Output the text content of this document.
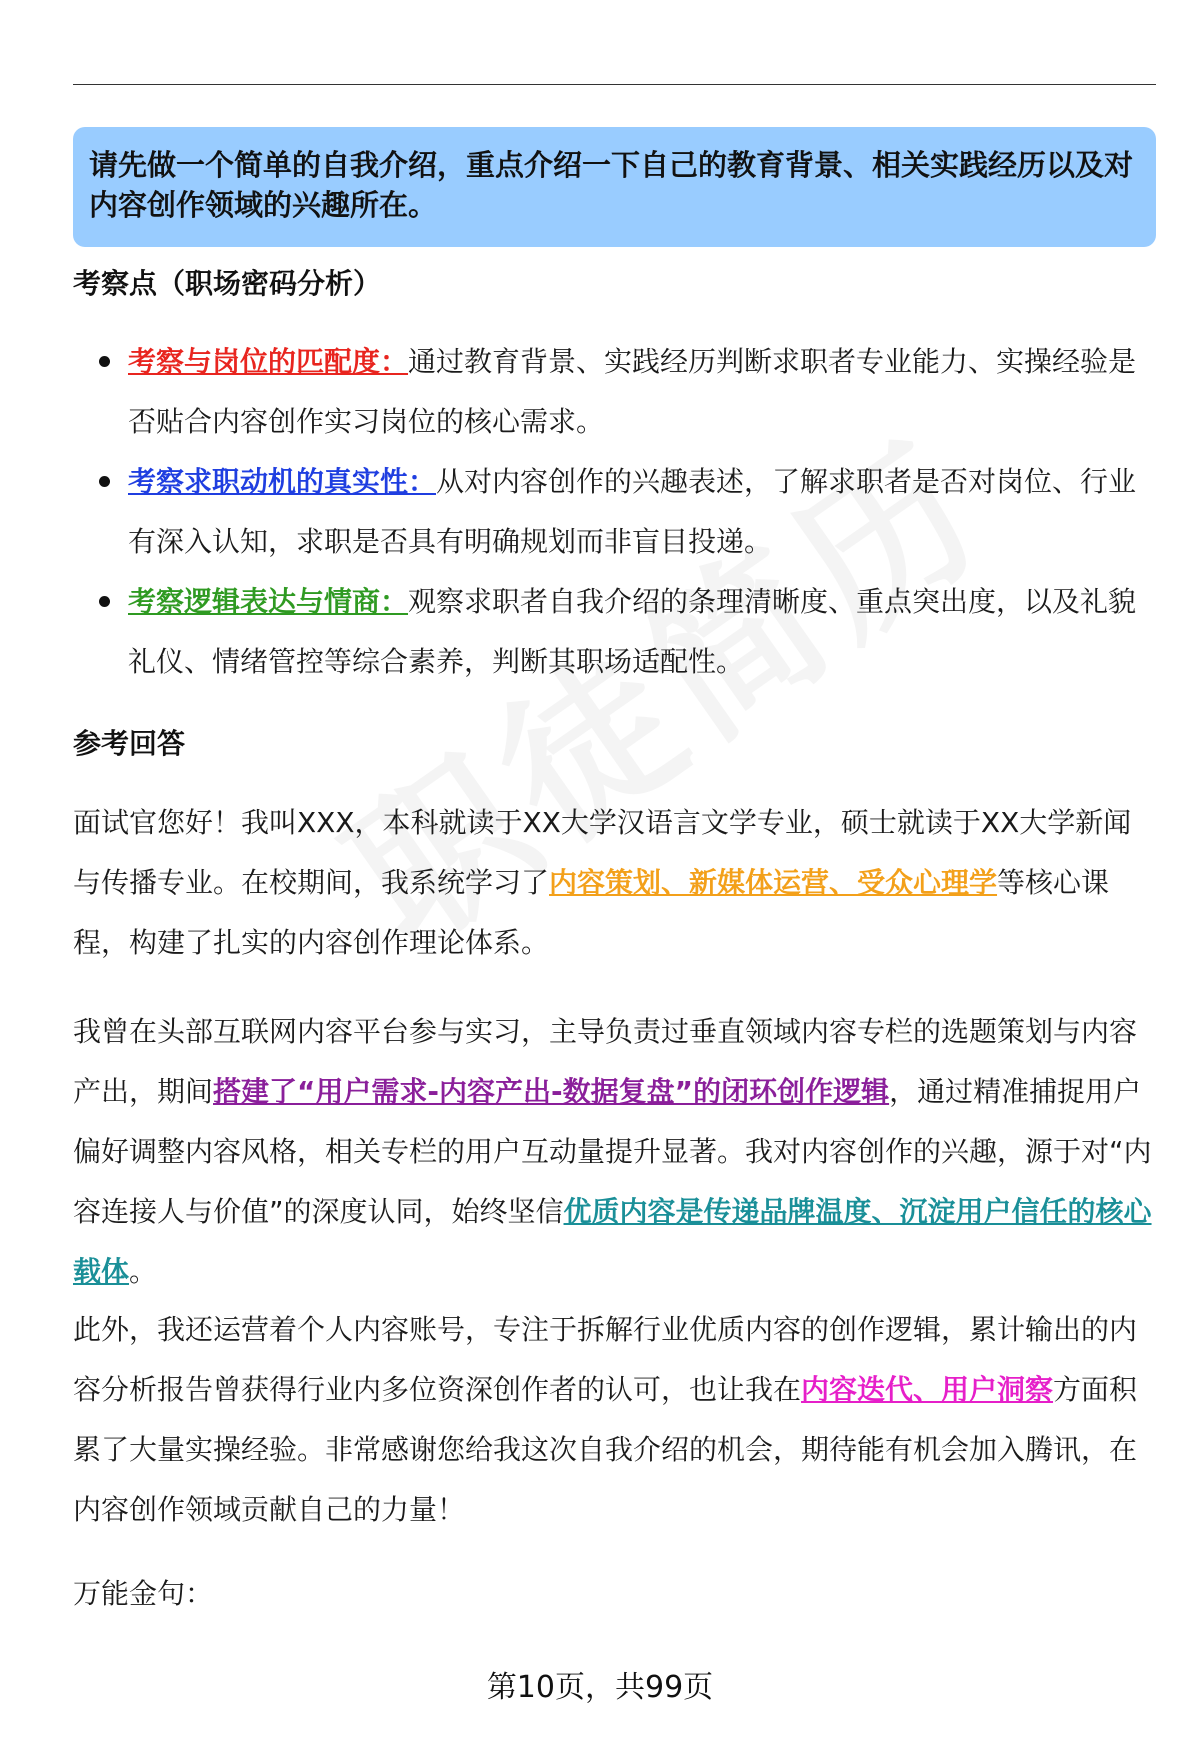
请先做一个简单的自我介绍，重点介绍一下自己的教育背景、相关实践经历以及对内容创作领域的兴趣所在。

考察点（职场密码分析）
考察与岗位的匹配度：通过教育背景、实践经历判断求职者专业能力、实操经验是否贴合内容创作实习岗位的核心需求。
考察求职动机的真实性：从对内容创作的兴趣表述，了解求职者是否对岗位、行业有深入认知，求职是否具有明确规划而非盲目投递。
考察逻辑表达与情商：观察求职者自我介绍的条理清晰度、重点突出度，以及礼貌礼仪、情绪管控等综合素养，判断其职场适配性。
参考回答

面试官您好！我叫XXX，本科就读于XX大学汉语言文学专业，硕士就读于XX大学新闻与传播专业。在校期间，我系统学习了内容策划、新媒体运营、受众心理学等核心课程，构建了扎实的内容创作理论体系。

我曾在头部互联网内容平台参与实习，主导负责过垂直领域内容专栏的选题策划与内容产出，期间搭建了“用户需求-内容产出-数据复盘”的闭环创作逻辑，通过精准捕捉用户偏好调整内容风格，相关专栏的用户互动量提升显著。我对内容创作的兴趣，源于对“内容连接人与价值”的深度认同，始终坚信优质内容是传递品牌温度、沉淀用户信任的核心载体。

此外，我还运营着个人内容账号，专注于拆解行业优质内容的创作逻辑，累计输出的内容分析报告曾获得行业内多位资深创作者的认可，也让我在内容迭代、用户洞察方面积累了大量实操经验。非常感谢您给我这次自我介绍的机会，期待能有机会加入腾讯，在内容创作领域贡献自己的力量！

万能金句：

第10页，共99页
